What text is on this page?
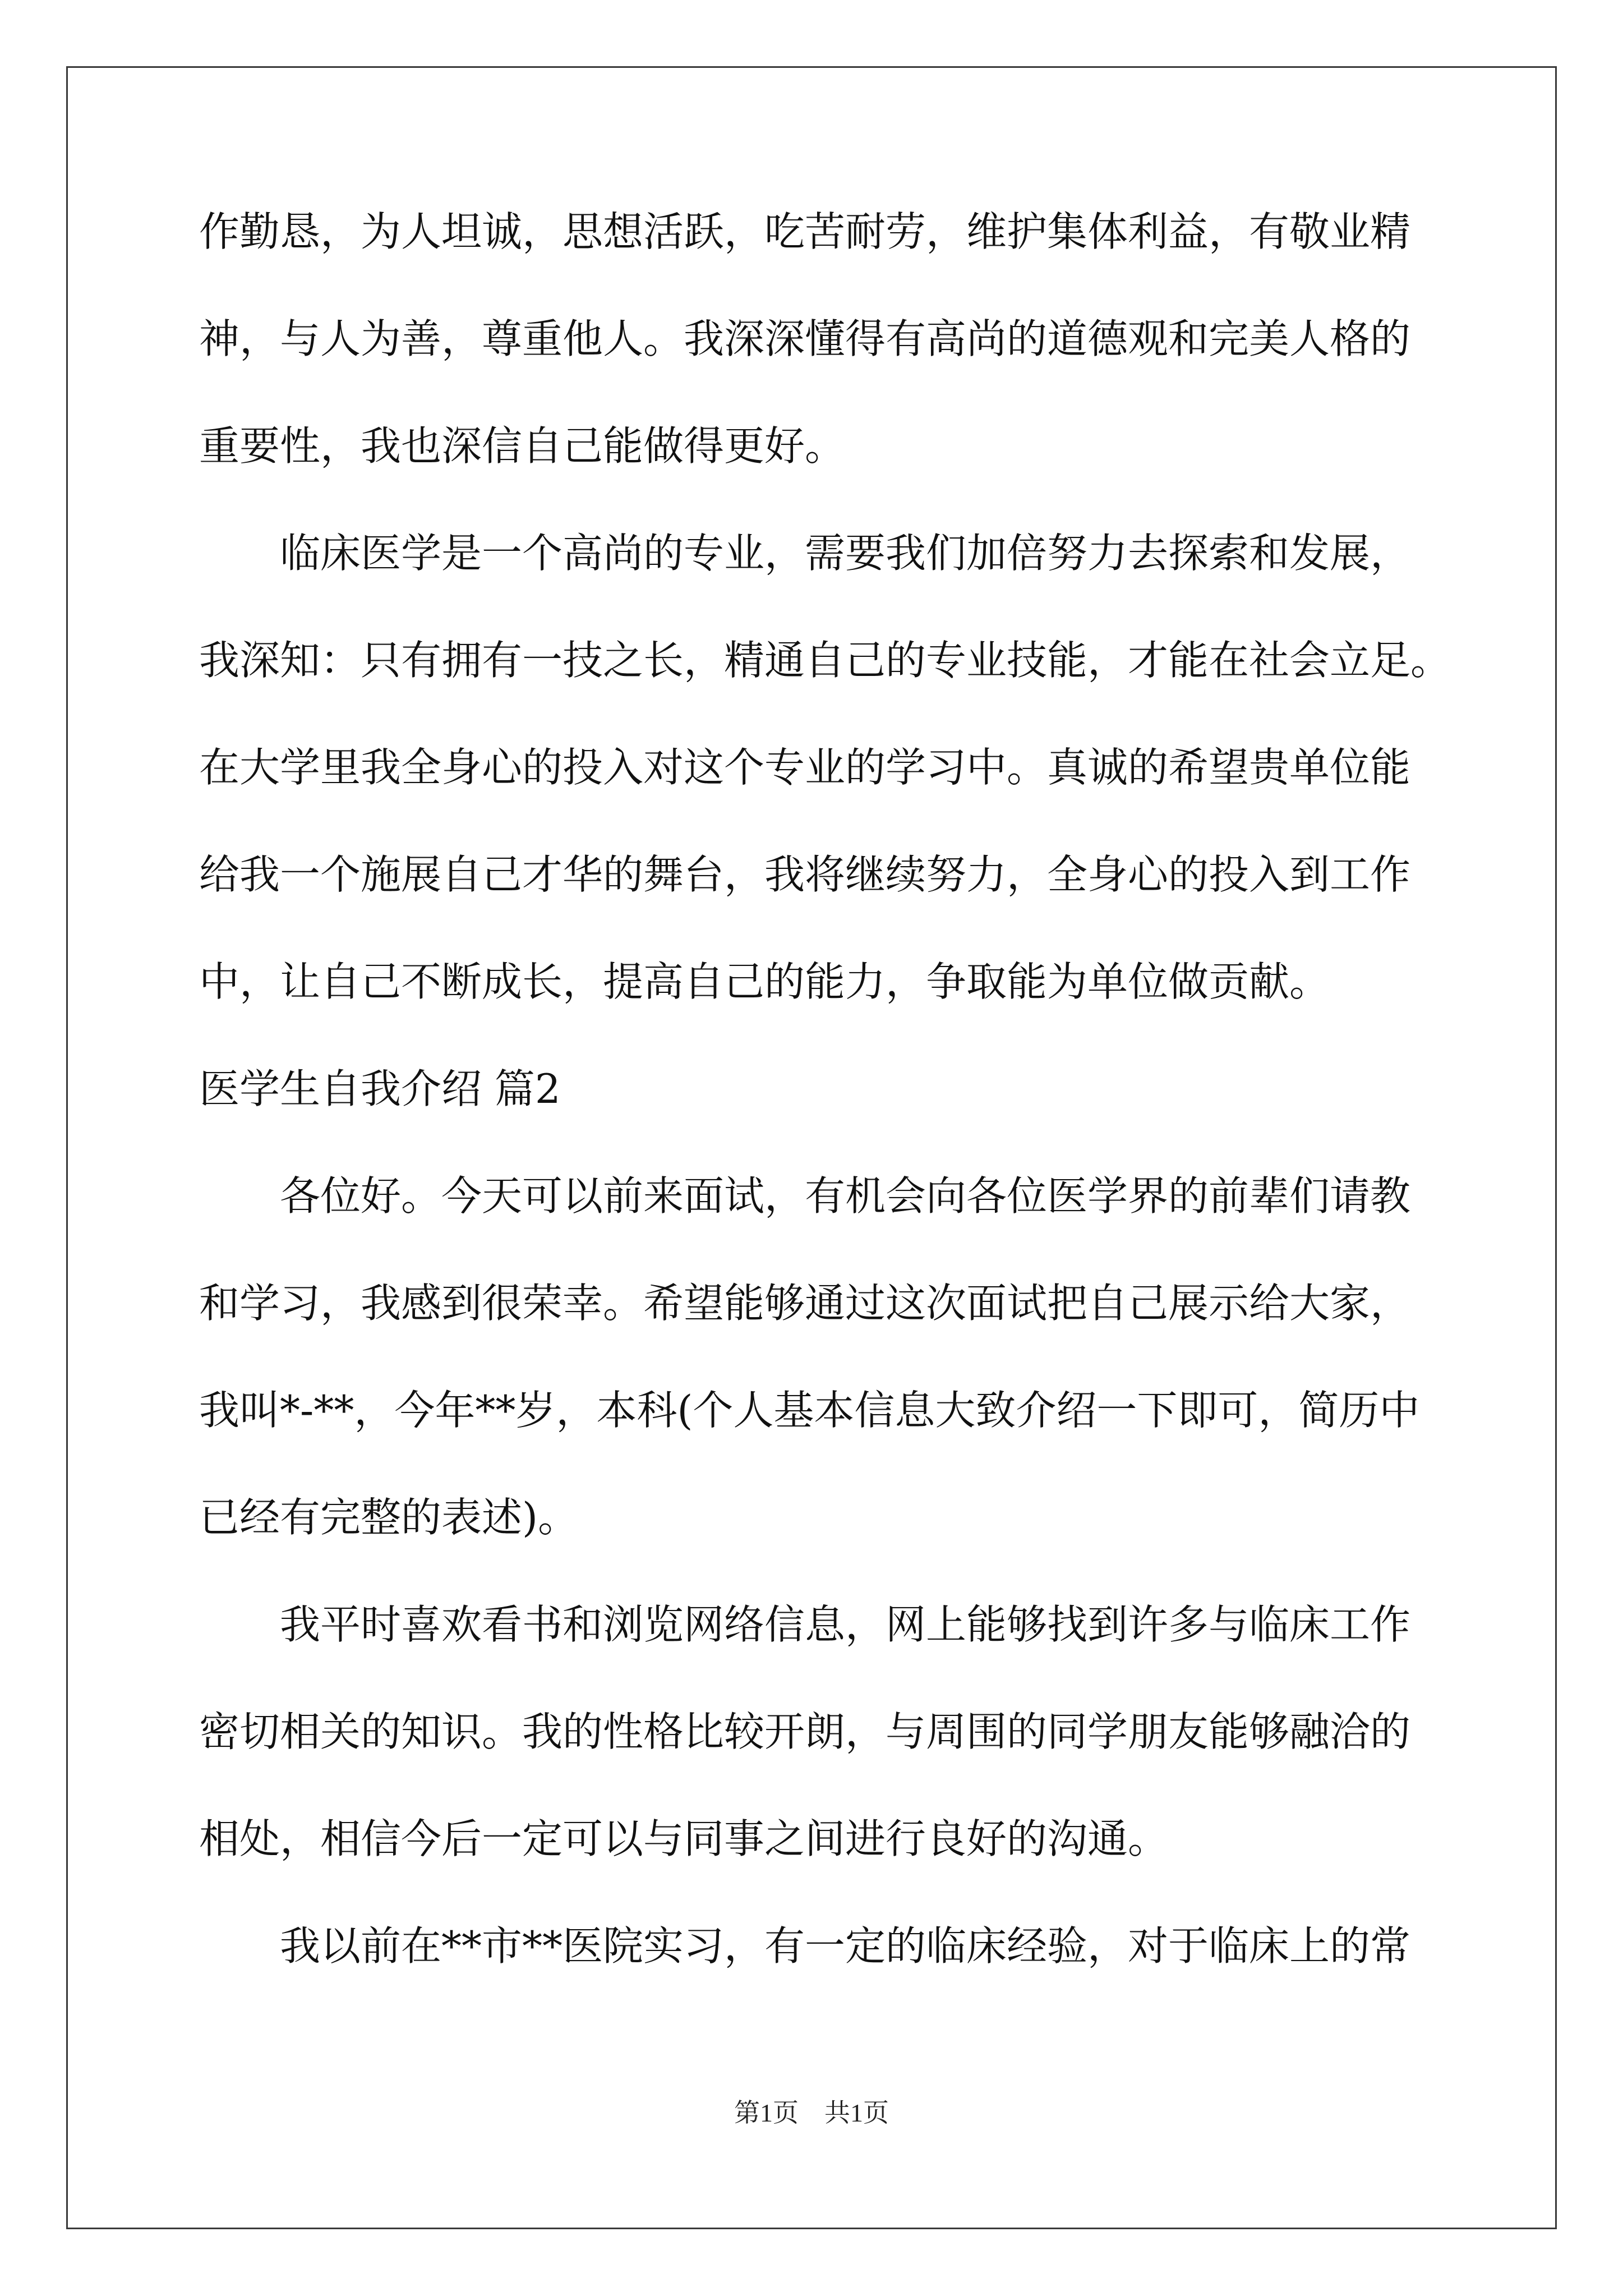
作勤恳，为人坦诚，思想活跃，吃苦耐劳，维护集体利益，有敬业精
神，与人为善，尊重他人。我深深懂得有高尚的道德观和完美人格的
重要性，我也深信自己能做得更好。
　　临床医学是一个高尚的专业，需要我们加倍努力去探索和发展，
我深知：只有拥有一技之长，精通自己的专业技能，才能在社会立足。
在大学里我全身心的投入对这个专业的学习中。真诚的希望贵单位能
给我一个施展自己才华的舞台，我将继续努力，全身心的投入到工作
中，让自己不断成长，提高自己的能力，争取能为单位做贡献。
医学生自我介绍 篇2
　　各位好。今天可以前来面试，有机会向各位医学界的前辈们请教
和学习，我感到很荣幸。希望能够通过这次面试把自己展示给大家，
我叫*-**，今年**岁，本科(个人基本信息大致介绍一下即可，简历中
已经有完整的表述)。
　　我平时喜欢看书和浏览网络信息，网上能够找到许多与临床工作
密切相关的知识。我的性格比较开朗，与周围的同学朋友能够融洽的
相处，相信今后一定可以与同事之间进行良好的沟通。
　　我以前在**市**医院实习，有一定的临床经验，对于临床上的常
第1页　共1页
